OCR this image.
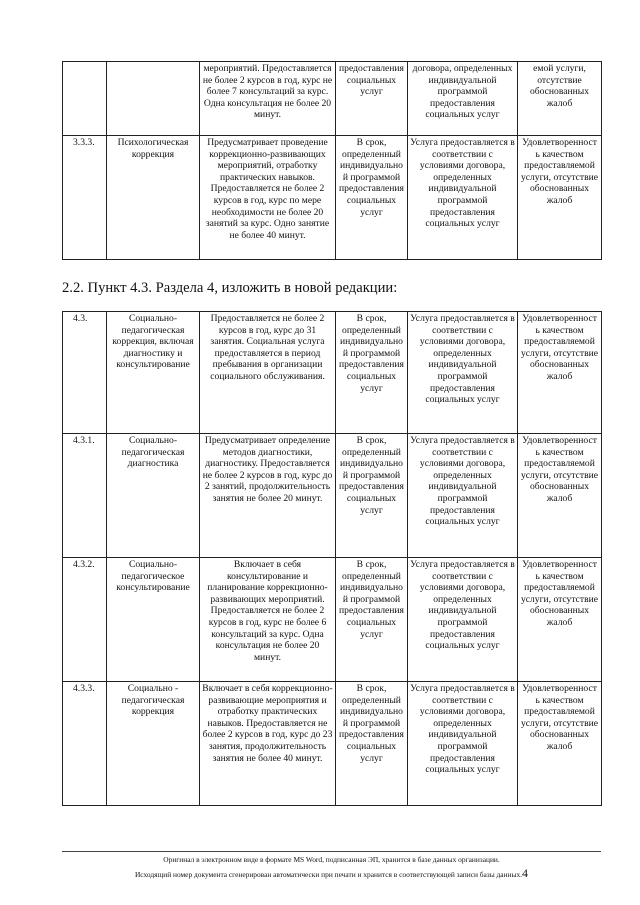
		мероприятий. Предоставляется не более 2 курсов в год, курс не более 7 консультаций за курс. Одна консультация не более 20 минут.	предоставления социальных услуг	договора, определенных индивидуальной программой предоставления социальных услуг	емой услуги, отсутствие обоснованных жалоб
3.3.3.	Психологическая коррекция	Предусматривает проведение коррекционно-развивающих мероприятий, отработку практических навыков. Предоставляется не более 2 курсов в год, курс по мере необходимости не более 20 занятий за курс. Одно занятие не более 40 минут.	В срок, определенный индивидуальной программой предоставления социальных услуг	Услуга предоставляется в соответствии с условиями договора, определенных индивидуальной программой предоставления социальных услуг	Удовлетворенность качеством предоставляемой услуги, отсутствие обоснованных жалоб

2.2. Пункт 4.3. Раздела 4, изложить в новой редакции:

4.3.	Социально-педагогическая коррекция, включая диагностику и консультирование	Предоставляется не более 2 курсов в год, курс до 31 занятия. Социальная услуга предоставляется в период пребывания в организации социального обслуживания.	В срок, определенный индивидуальной программой предоставления социальных услуг	Услуга предоставляется в соответствии с условиями договора, определенных индивидуальной программой предоставления социальных услуг	Удовлетворенность качеством предоставляемой услуги, отсутствие обоснованных жалоб
4.3.1.	Социально-педагогическая диагностика	Предусматривает определение методов диагностики, диагностику. Предоставляется не более 2 курсов в год, курс до 2 занятий, продолжительность занятия не более 20 минут.	В срок, определенный индивидуальной программой предоставления социальных услуг	Услуга предоставляется в соответствии с условиями договора, определенных индивидуальной программой предоставления социальных услуг	Удовлетворенность качеством предоставляемой услуги, отсутствие обоснованных жалоб
4.3.2.	Социально-педагогическое консультирование	Включает в себя консультирование и планирование коррекционно-развивающих мероприятий. Предоставляется не более 2 курсов в год, курс не более 6 консультаций за курс. Одна консультация не более 20 минут.	В срок, определенный индивидуальной программой предоставления социальных услуг	Услуга предоставляется в соответствии с условиями договора, определенных индивидуальной программой предоставления социальных услуг	Удовлетворенность качеством предоставляемой услуги, отсутствие обоснованных жалоб
4.3.3.	Социально - педагогическая коррекция	Включает в себя коррекционно-развивающие мероприятия и отработку практических навыков. Предоставляется не более 2 курсов в год, курс до 23 занятия, продолжительность занятия не более 40 минут.	В срок, определенный индивидуальной программой предоставления социальных услуг	Услуга предоставляется в соответствии с условиями договора, определенных индивидуальной программой предоставления социальных услуг	Удовлетворенность качеством предоставляемой услуги, отсутствие обоснованных жалоб
Оригинал в электронном виде в формате MS Word, подписанная ЭП, хранится в базе данных организации.
Исходящий номер документа сгенерирован автоматически при печати и хранится в соответствующей записи базы данных.4
